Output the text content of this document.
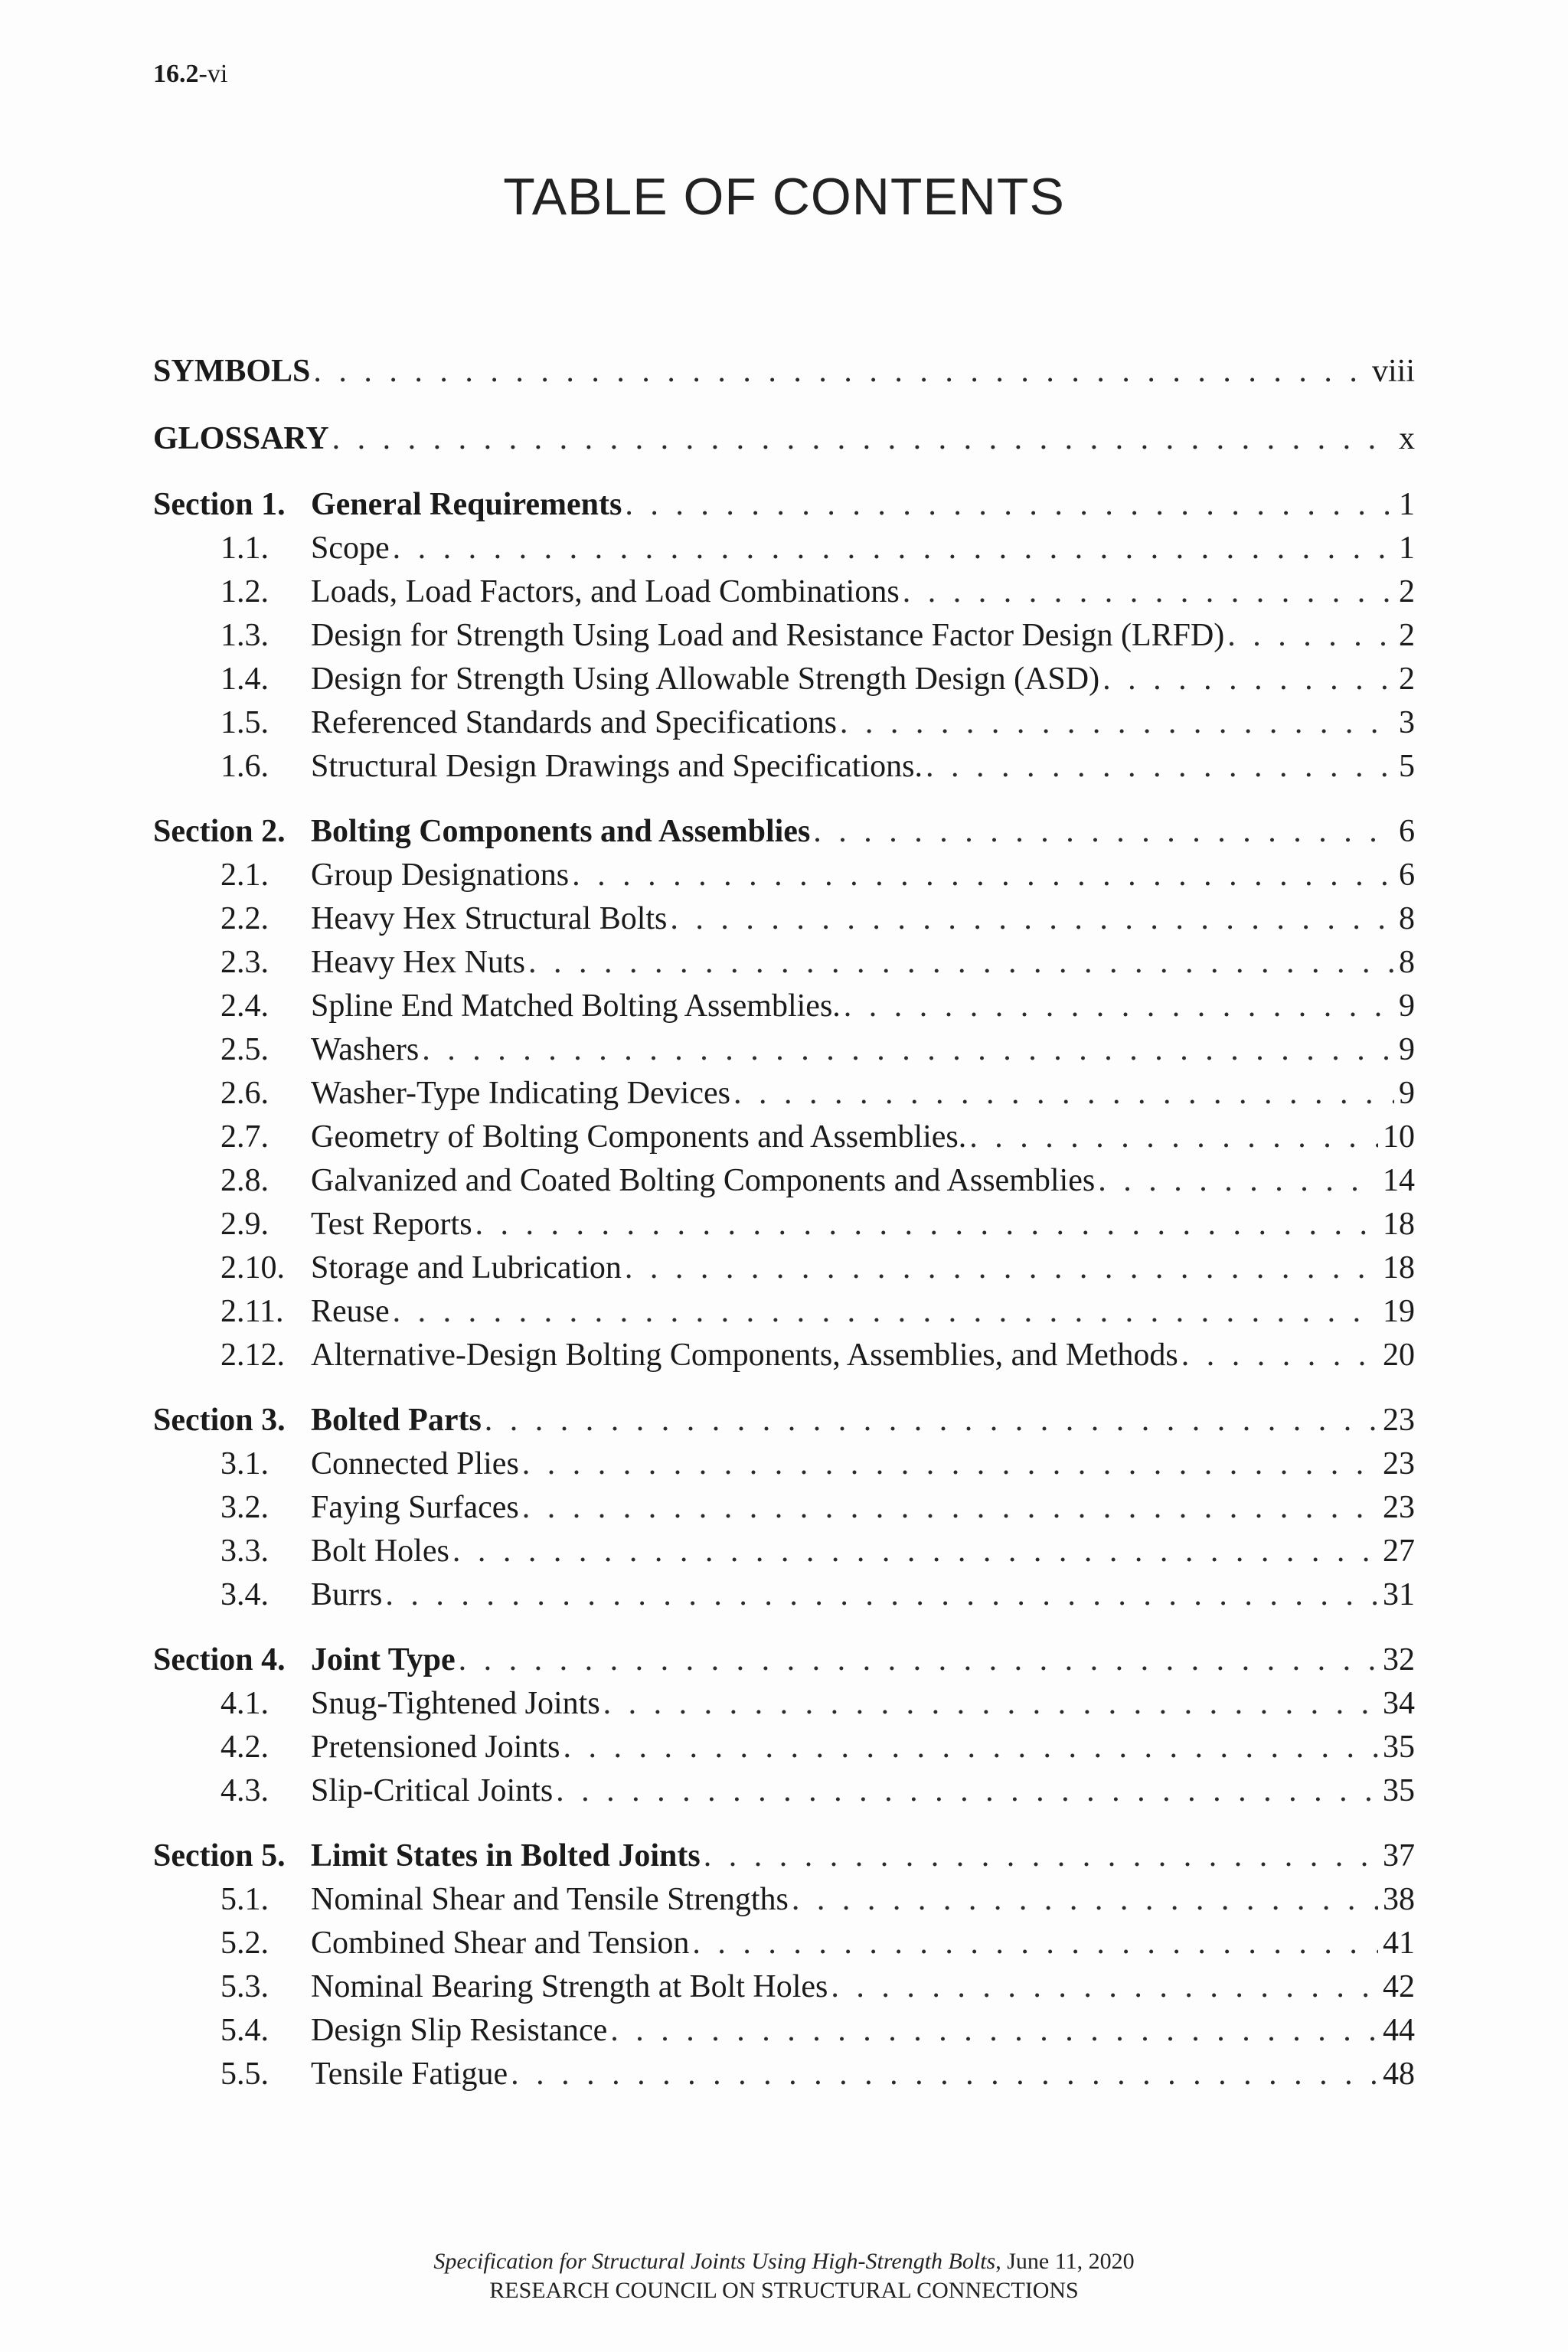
16.2-vi
TABLE OF CONTENTS
SYMBOLS . . .	viii
GLOSSARY . . .	x
Section 1. General Requirements . . .	1
1.1.	Scope . . .	1
1.2.	Loads, Load Factors, and Load Combinations . . .	2
1.3.	Design for Strength Using Load and Resistance Factor Design (LRFD) . . .	2
1.4.	Design for Strength Using Allowable Strength Design (ASD) . . .	2
1.5.	Referenced Standards and Specifications . . .	3
1.6.	Structural Design Drawings and Specifications. . . .	5
Section 2. Bolting Components and Assemblies . . .	6
2.1.	Group Designations . . .	6
2.2.	Heavy Hex Structural Bolts . . .	8
2.3.	Heavy Hex Nuts . . .	8
2.4.	Spline End Matched Bolting Assemblies. . . .	9
2.5.	Washers . . .	9
2.6.	Washer-Type Indicating Devices . . .	9
2.7.	Geometry of Bolting Components and Assemblies. . . .	10
2.8.	Galvanized and Coated Bolting Components and Assemblies . . .	14
2.9.	Test Reports . . .	18
2.10. Storage and Lubrication . . .	18
2.11. Reuse . . .	19
2.12. Alternative-Design Bolting Components, Assemblies, and Methods . . .	20
Section 3. Bolted Parts . . .	23
3.1.	Connected Plies . . .	23
3.2.	Faying Surfaces . . .	23
3.3.	Bolt Holes . . .	27
3.4.	Burrs . . .	31
Section 4. Joint Type . . .	32
4.1.	Snug-Tightened Joints . . .	34
4.2.	Pretensioned Joints . . .	35
4.3.	Slip-Critical Joints . . .	35
Section 5. Limit States in Bolted Joints . . .	37
5.1.	Nominal Shear and Tensile Strengths . . .	38
5.2.	Combined Shear and Tension . . .	41
5.3.	Nominal Bearing Strength at Bolt Holes . . .	42
5.4.	Design Slip Resistance . . .	44
5.5.	Tensile Fatigue . . .	48
Specification for Structural Joints Using High-Strength Bolts, June 11, 2020
RESEARCH COUNCIL ON STRUCTURAL CONNECTIONS
